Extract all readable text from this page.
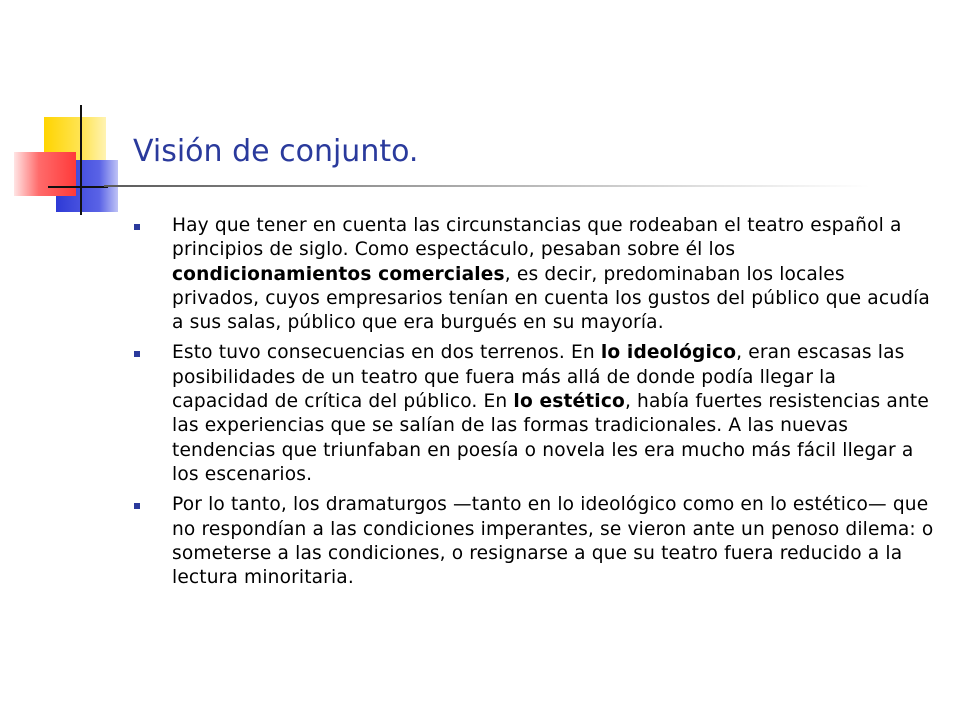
Visión de conjunto.
Hay que tener en cuenta las circunstancias que rodeaban el teatro español a principios de siglo. Como espectáculo, pesaban sobre él los condicionamientos comerciales, es decir, predominaban los locales privados, cuyos empresarios tenían en cuenta los gustos del público que acudía a sus salas, público que era burgués en su mayoría.
Esto tuvo consecuencias en dos terrenos. En lo ideológico, eran escasas las posibilidades de un teatro que fuera más allá de donde podía llegar la capacidad de crítica del público. En lo estético, había fuertes resistencias ante las experiencias que se salían de las formas tradicionales. A las nuevas tendencias que triunfaban en poesía o novela les era mucho más fácil llegar a los escenarios.
Por lo tanto, los dramaturgos —tanto en lo ideológico como en lo estético— que no respondían a las condiciones imperantes, se vieron ante un penoso dilema: o someterse a las condiciones, o resignarse a que su teatro fuera reducido a la lectura minoritaria.
